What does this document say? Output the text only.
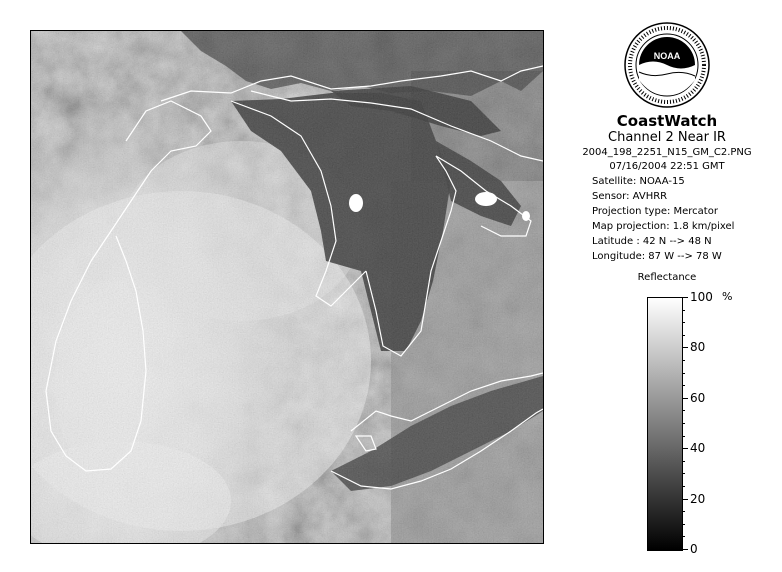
NOAA
CoastWatch
Channel 2 Near IR
2004_198_2251_N15_GM_C2.PNG
07/16/2004 22:51 GMT
Satellite: NOAA-15
Sensor: AVHRR
Projection type: Mercator
Map projection: 1.8 km/pixel
Latitude : 42 N --> 48 N
Longitude: 87 W --> 78 W
Reflectance
%
100
80
60
40
20
0
